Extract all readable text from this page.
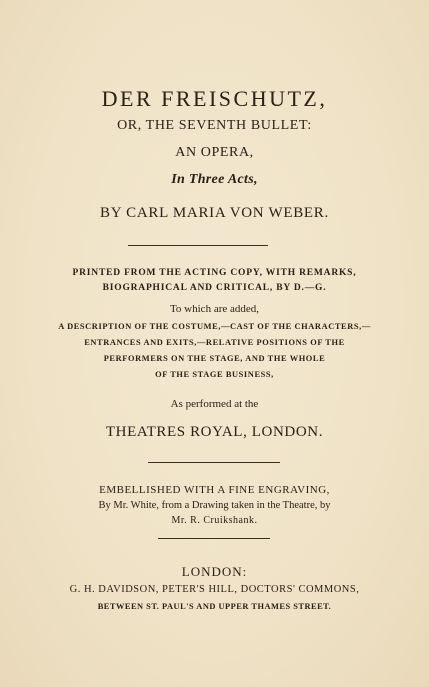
DER FREISCHUTZ,
OR, THE SEVENTH BULLET:
AN OPERA,
In Three Acts,
BY CARL MARIA VON WEBER.
PRINTED FROM THE ACTING COPY, WITH REMARKS,
BIOGRAPHICAL AND CRITICAL, BY D.—G.
To which are added,
A DESCRIPTION OF THE COSTUME,—CAST OF THE CHARACTERS,—
ENTRANCES AND EXITS,—RELATIVE POSITIONS OF THE
PERFORMERS ON THE STAGE, AND THE WHOLE
OF THE STAGE BUSINESS,
As performed at the
THEATRES ROYAL, LONDON.
EMBELLISHED WITH A FINE ENGRAVING,
By Mr. White, from a Drawing taken in the Theatre, by
Mr. R. Cruikshank.
LONDON:
G. H. DAVIDSON, PETER'S HILL, DOCTORS' COMMONS,
BETWEEN ST. PAUL'S AND UPPER THAMES STREET.
